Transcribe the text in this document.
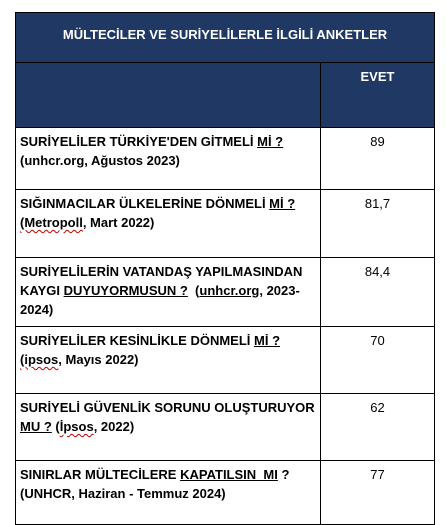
MÜLTECİLER VE SURİYELİLERLE İLGİLİ ANKETLER	
	EVET
SURİYELİLER TÜRKİYE'DEN GİTMELİ Mİ ?
(unhcr.org, Ağustos 2023)	89
SIĞINMACILAR ÜLKELERİNE DÖNMELİ Mİ ?
(Metropoll, Mart 2022)	81,7
SURİYELİLERİN VATANDAŞ YAPILMASINDAN KAYGI DUYUYORMUSUN ?  (unhcr.org, 2023-2024)	84,4
SURİYELİLER KESİNLİKLE DÖNMELİ Mİ ?
(ipsos, Mayıs 2022)	70
SURİYELİ GÜVENLİK SORUNU OLUŞTURUYOR MU ? (İpsos, 2022)	62
SINIRLAR MÜLTECİLERE KAPATILSIN  MI ?
(UNHCR, Haziran - Temmuz 2024)	77
